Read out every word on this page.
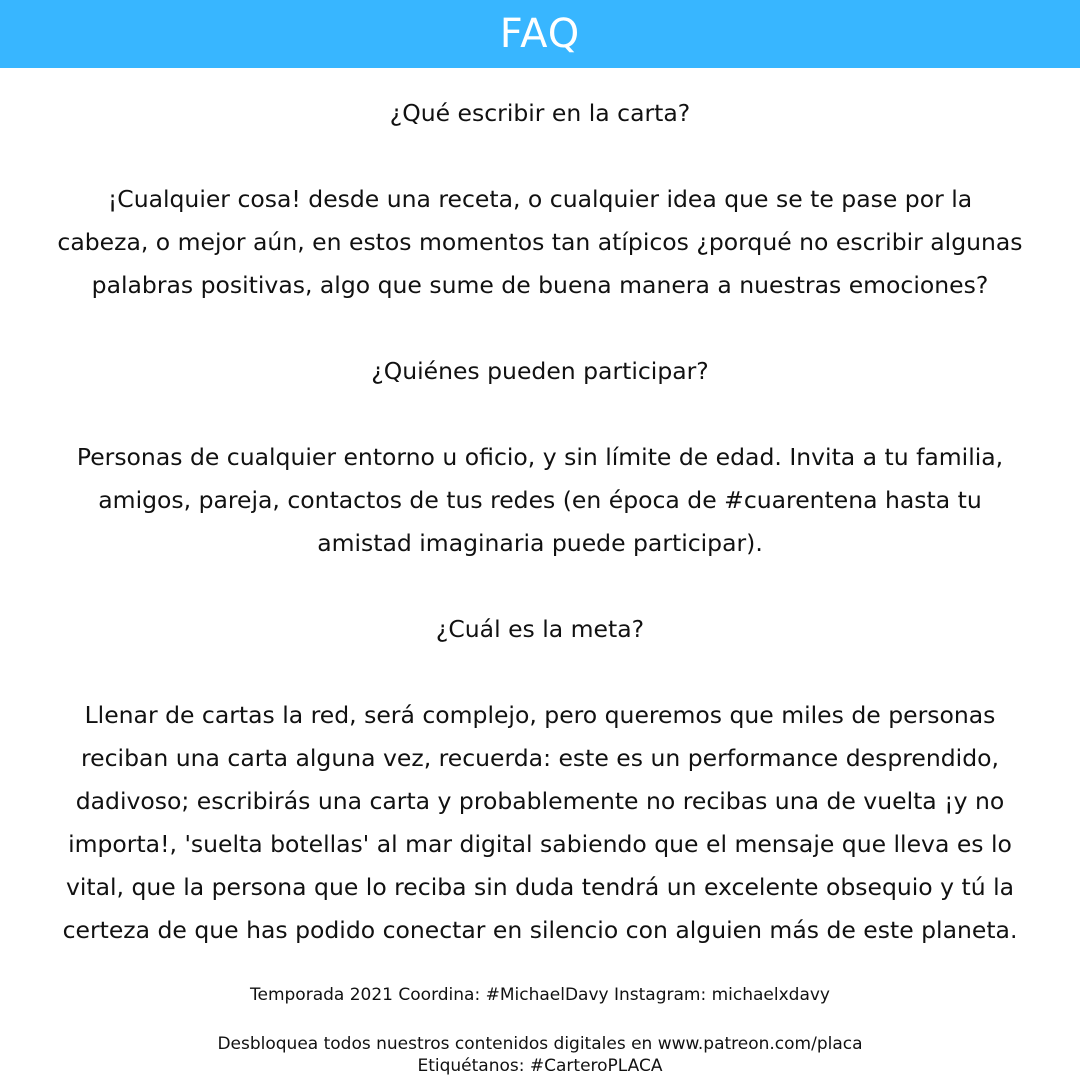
FAQ

¿Qué escribir en la carta?

¡Cualquier cosa! desde una receta, o cualquier idea que se te pase por la
cabeza, o mejor aún, en estos momentos tan atípicos ¿porqué no escribir algunas
palabras positivas, algo que sume de buena manera a nuestras emociones?

¿Quiénes pueden participar?

Personas de cualquier entorno u oficio, y sin límite de edad. Invita a tu familia,
amigos, pareja, contactos de tus redes (en época de #cuarentena hasta tu
amistad imaginaria puede participar).

¿Cuál es la meta?

Llenar de cartas la red, será complejo, pero queremos que miles de personas
reciban una carta alguna vez, recuerda: este es un performance desprendido,
dadivoso; escribirás una carta y probablemente no recibas una de vuelta ¡y no
importa!, 'suelta botellas' al mar digital sabiendo que el mensaje que lleva es lo
vital, que la persona que lo reciba sin duda tendrá un excelente obsequio y tú la
certeza de que has podido conectar en silencio con alguien más de este planeta.

Temporada 2021 Coordina: #MichaelDavy Instagram: michaelxdavy

Desbloquea todos nuestros contenidos digitales en www.patreon.com/placa

Etiquétanos: #CarteroPLACA
